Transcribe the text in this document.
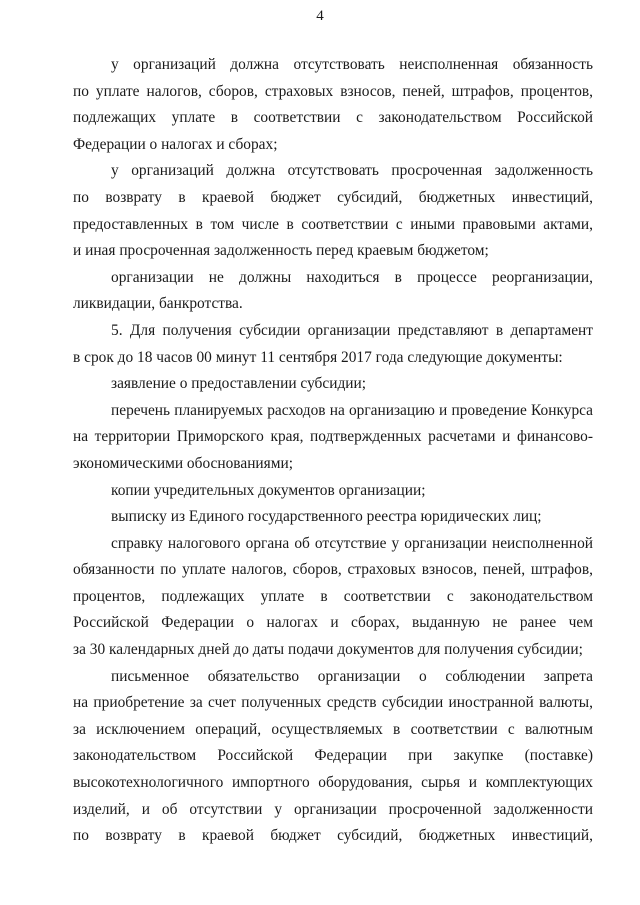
4
у организаций должна отсутствовать неисполненная обязанность
по уплате налогов, сборов, страховых взносов, пеней, штрафов, процентов,
подлежащих уплате в соответствии с законодательством Российской
Федерации о налогах и сборах;
у организаций должна отсутствовать просроченная задолженность
по возврату в краевой бюджет субсидий, бюджетных инвестиций,
предоставленных в том числе в соответствии с иными правовыми актами,
и иная просроченная задолженность перед краевым бюджетом;
организации не должны находиться в процессе реорганизации,
ликвидации, банкротства.
5. Для получения субсидии организации представляют в департамент
в срок до 18 часов 00 минут 11 сентября 2017 года следующие документы:
заявление о предоставлении субсидии;
перечень планируемых расходов на организацию и проведение Конкурса
на территории Приморского края, подтвержденных расчетами и финансово-
экономическими обоснованиями;
копии учредительных документов организации;
выписку из Единого государственного реестра юридических лиц;
справку налогового органа об отсутствие у организации неисполненной
обязанности по уплате налогов, сборов, страховых взносов, пеней, штрафов,
процентов, подлежащих уплате в соответствии с законодательством
Российской Федерации о налогах и сборах, выданную не ранее чем
за 30 календарных дней до даты подачи документов для получения субсидии;
письменное обязательство организации о соблюдении запрета
на приобретение за счет полученных средств субсидии иностранной валюты,
за исключением операций, осуществляемых в соответствии с валютным
законодательством Российской Федерации при закупке (поставке)
высокотехнологичного импортного оборудования, сырья и комплектующих
изделий, и об отсутствии у организации просроченной задолженности
по возврату в краевой бюджет субсидий, бюджетных инвестиций,
